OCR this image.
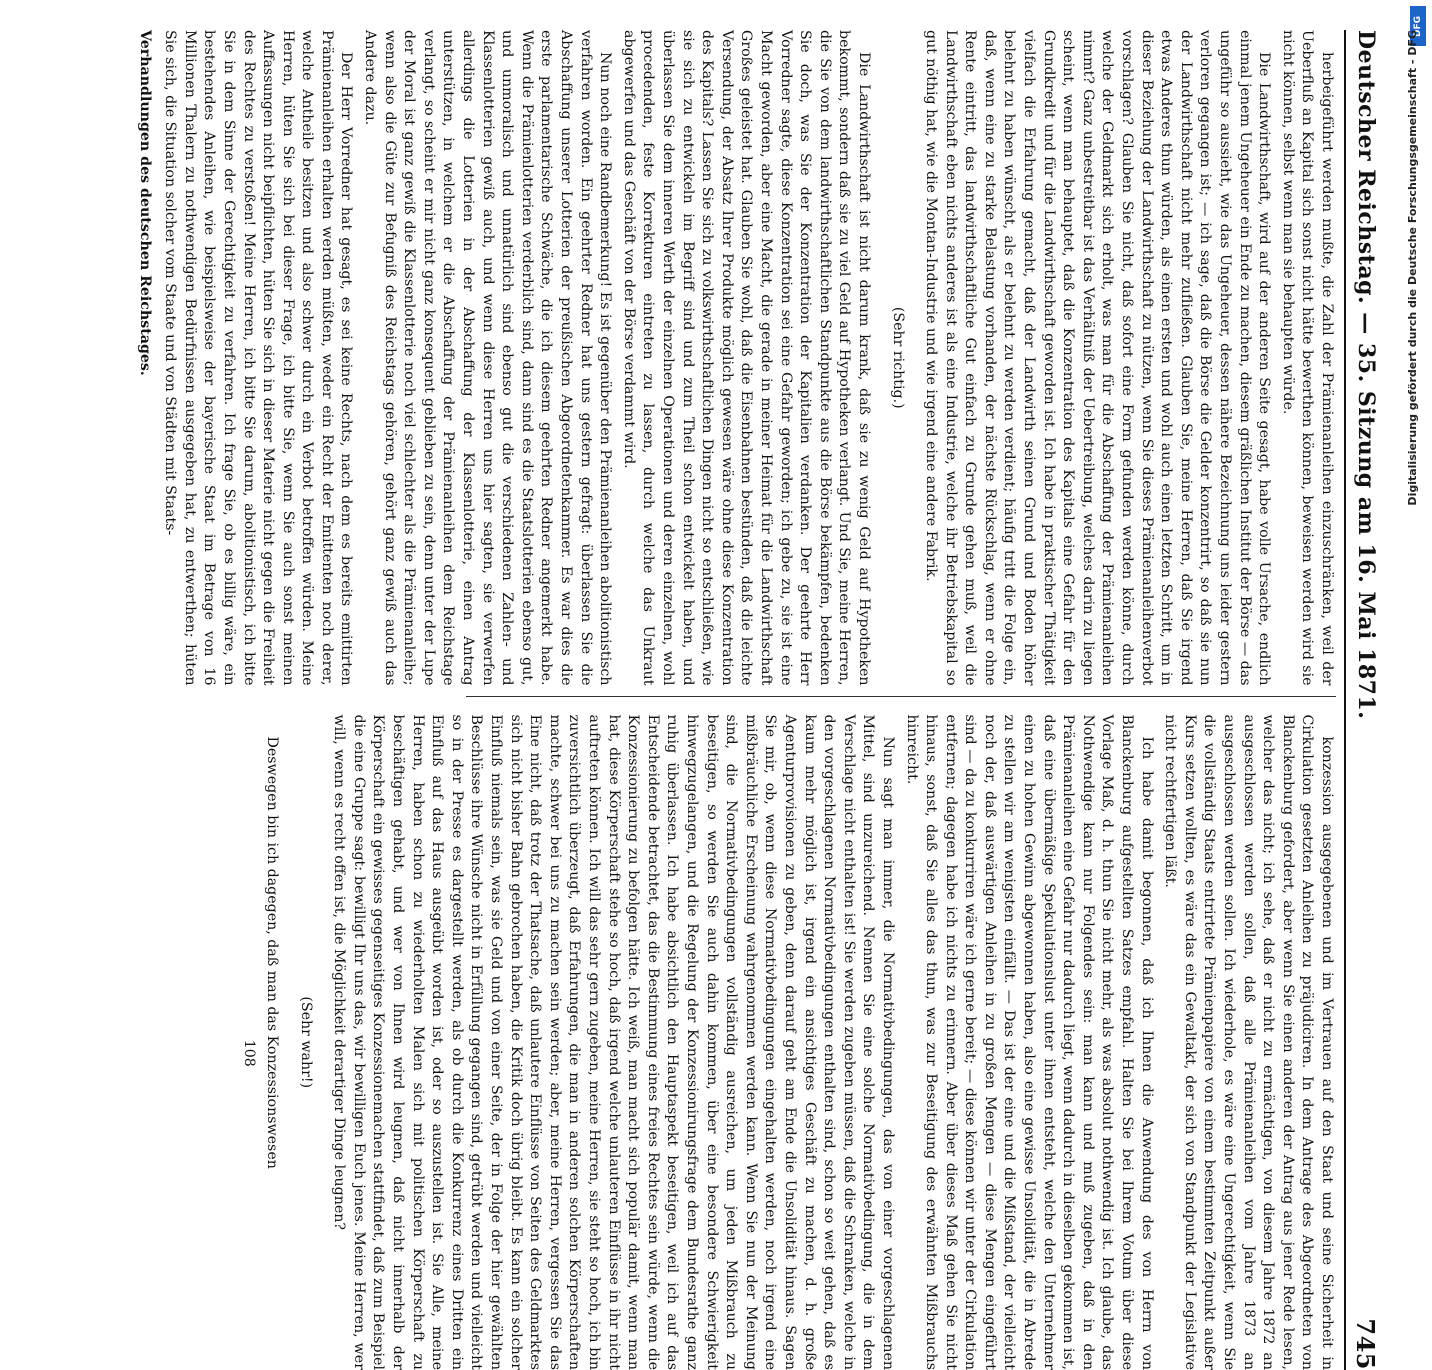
DFG
Digitalisierung gefördert durch die Deutsche Forschungsgemeinschaft - DFG
Deutscher Reichstag. — 35. Sitzung am 16. Mai 1871.
745

herbeigeführt werden mußte, die Zahl der Prämienanleihen einzuschränken, weil der Ueberfluß an Kapital sich sonst nicht hätte bewerthen können, beweisen werden wird sie nicht können, selbst wenn man sie behaupten würde.

Die Landwirthschaft, wird auf der anderen Seite gesagt, habe volle Ursache, endlich einmal jenem Ungeheuer ein Ende zu machen, diesem gräßlichen Institut der Börse — das ungeführ so aussieht, wie das Ungeheuer, dessen nähere Bezeichnung uns leider gestern verloren gegangen ist; — ich sage, daß die Börse die Gelder konzentrirt, so daß sie nun der Landwirthschaft nicht mehr zufließen. Glauben Sie, meine Herren, daß Sie irgend etwas Anderes thun würden, als einen ersten und wohl auch einen letzten Schritt, um in dieser Beziehung der Landwirthschaft zu nützen, wenn Sie dieses Prämienanleihenverbot vorschlagen? Glauben Sie nicht, daß sofort eine Form gefunden werden könne, durch welche der Geldmarkt sich erholt, was man für die Abschaffung der Prämienanleihen nimmt? Ganz unbestreitbar ist das Verhältniß der Uebertreibung, welches darin zu liegen scheint, wenn man behauptet, daß die Konzentration des Kapitals eine Gefahr für den Grundkredit und für die Landwirthschaft geworden ist. Ich habe in praktischer Thätigkeit vielfach die Erfahrung gemacht, daß der Landwirth seinen Grund und Boden höher belehnt zu haben wünscht, als er belehnt zu werden verdient; häufig tritt die Folge ein, daß, wenn eine zu starke Belastung vorhanden, der nächste Rückschlag, wenn er ohne Rente eintritt, das landwirthschaftliche Gut einfach zu Grunde gehen muß, weil die Landwirthschaft eben nichts anderes ist als eine Industrie, welche ihr Betriebskapital so gut nöthig hat, wie die Montan-Industrie und wie irgend eine andere Fabrik.

(Sehr richtig.)

Die Landwirthschaft ist nicht darum krank, daß sie zu wenig Geld auf Hypotheken bekommt, sondern daß sie zu viel Geld auf Hypotheken verlangt. Und Sie, meine Herren, die Sie von dem landwirthschaftlichen Standpunkte aus die Börse bekämpfen, bedenken Sie doch, was Sie der Konzentration der Kapitalien verdanken. Der geehrte Herr Vorredner sagte, diese Konzentration sei eine Gefahr geworden; ich gebe zu, sie ist eine Macht geworden, aber eine Macht, die gerade in meiner Heimat für die Landwirthschaft Großes geleistet hat. Glauben Sie wohl, daß die Eisenbahnen bestünden, daß die leichte Versendung, der Absatz Ihrer Produkte möglich gewesen wäre ohne diese Konzentration des Kapitals? Lassen Sie sich zu volkswirthschaftlichen Dingen nicht so entschließen, wie sie sich zu entwickeln im Begriff sind und zum Theil schon entwickelt haben, und überlassen Sie dem inneren Werth der einzelnen Operationen und deren einzelnen, wohl procedenden, feste Korrekturen eintreten zu lassen, durch welche das Unkraut abgewerfen und das Geschäft von der Börse verdammt wird.

Nun noch eine Randbemerkung! Es ist gegenüber den Prämienanleihen abolitionistisch verfahren worden. Ein geehrter Redner hat uns gestern gefragt: überlassen Sie die Abschaffung unserer Lotterien der preußischen Abgeordnetenkammer. Es war dies die erste parlamentarische Schwäche, die ich diesem geehrten Redner angemerkt habe. Wenn die Prämienlotterien verderblich sind, dann sind es die Staatslotterien ebenso gut, und unmoralisch und unnatürlich sind ebenso gut die verschiedenen Zahlen- und Klassenlotterien gewiß auch, und wenn diese Herren uns hier sagten, sie verwerfen allerdings die Lotterien in der Abschaffung der Klassenlotterie, einen Antrag unterstützen, in welchem er die Abschaffung der Prämienanleihen dem Reichstage verlangt, so scheint er mir nicht ganz konsequent geblieben zu sein, denn unter der Lupe der Moral ist ganz gewiß die Klassenlotterie noch viel schlechter als die Prämienanleihe; wenn also die Güte zur Befugniß des Reichstags gehören, gehört ganz gewiß auch das Andere dazu.

Der Herr Vorredner hat gesagt, es sei keine Rechts, nach dem es bereits emittirten Prämienanleihen erhalten werden müßten, weder ein Recht der Emittenten noch derer, welche Antheile besitzen und also schwer durch ein Verbot betroffen würden. Meine Herren, hüten Sie sich bei dieser Frage, ich bitte Sie, wenn Sie auch sonst meinen Auffassungen nicht beipflichten, hüten Sie sich in dieser Materie nicht gegen die Freiheit des Rechtes zu verstoßen! Meine Herren, ich bitte Sie darum, abolitionistisch, ich bitte Sie in dem Sinne der Gerechtigkeit zu verfahren. Ich frage Sie, ob es billig wäre, ein bestehendes Anleihen, wie beispielsweise der bayerische Staat im Betrage von 16 Millionen Thalern zu nothwendigen Bedürfnissen ausgegeben hat, zu entwerthen; hüten Sie sich, die Situation solcher vom Staate und von Städten mit Staats-

Verhandlungen des deutschen Reichstages.

konzession ausgegebenen und im Vertrauen auf den Staat und seine Sicherheit in Cirkulation gesetzten Anleihen zu präjudiciren. In dem Antrage des Abgeordneten von Blanckenburg gefordert, aber wenn Sie einen anderen der Antrag aus jener Rede lesen, welcher das nicht; ich sehe, daß er nicht zu ermächtigen, von diesem Jahre 1872 an ausgeschlossen werden sollen, daß alle Prämienanleihen vom Jahre 1873 an ausgeschlossen werden sollen. Ich wiederhole, es wäre eine Ungerechtigkeit, wenn Sie die vollständig Staats entrirtete Prämienpapiere von einem bestimmten Zeitpunkt außer Kurs setzen wollten, es wäre das ein Gewaltakt, der sich von Standpunkt der Legislative nicht rechtfertigen läßt.

Ich habe damit begonnen, daß ich Ihnen die Anwendung des von Herrn von Blanckenburg aufgestellten Satzes empfahl. Halten Sie bei Ihrem Votum über diese Vorlage Maß, d. h. thun Sie nicht mehr, als was absolut nothwendig ist. Ich glaube, das Nothwendige kann nur Folgendes sein: man kann und muß zugeben, daß in den Prämienanleihen eine Gefahr nur dadurch liegt, wenn dadurch in dieselben gekommen ist, daß eine übermäßige Spekulationslust unter ihnen entsteht, welche den Unternehmer einen zu hohen Gewinn abgewonnen haben, also eine gewisse Unsolidität, die in Abrede zu stellen wir am wenigsten einfällt. — Das ist der eine und die Mißstand, der vielleicht noch der, daß auswärtigen Anleihen in zu großen Mengen — diese Mengen eingeführt sind — da zu konkurriren wäre ich gerne bereit; — diese können wir unter der Cirkulation entfernen; dagegen habe ich nichts zu erinnern. Aber über dieses Maß gehen Sie nicht hinaus, sonst, daß Sie alles das thun, was zur Beseitigung des erwähnten Mißbrauchs hinreicht.

Nun sagt man immer, die Normativbedingungen, das von einer vorgeschlagenen Mittel, sind unzureichend. Nennen Sie eine solche Normativbedingung, die in dem Verschlage nicht enthalten ist! Sie werden zugeben müssen, daß die Schranken, welche in den vorgeschlagenen Normativbedingungen enthalten sind, schon so weit gehen, daß es kaum mehr möglich ist, irgend ein ansichtiges Geschäft zu machen, d. h. große Agenturprovisionen zu geben, denn darauf geht am Ende die Unsolidität hinaus. Sagen Sie mir, ob, wenn diese Normativbedingungen eingehalten werden, noch irgend eine mißbräuchliche Erscheinung wahrgenommen werden kann. Wenn Sie nun der Meinung sind, die Normativbedingungen vollständig ausreichen, um jeden Mißbrauch zu beseitigen, so werden Sie auch dahin kommen, über eine besondere Schwierigkeit hinwegzugelangen, und die Regelung der Konzessionirungsfrage dem Bundesrathe ganz ruhig überlassen. Ich habe absichtlich den Hauptaspekt beseitigen, weil ich auf das Entscheidende betrachtet, das die Bestimmung eines freies Rechtes sein würde, wenn die Konzessionierung zu befolgen hätte. Ich weiß, man macht sich populär damit, wenn man hat, diese Körperschaft stehe so hoch, daß irgend welche unlauteren Einflüsse in ihr nicht auftreten können. Ich will das sehr gern zugeben, meine Herren, sie steht so hoch, ich bin zuversichtlich überzeugt, daß Erfahrungen, die man in anderen solchen Körperschaften machte, schwer bei uns zu machen sein werden; aber, meine Herren, vergessen Sie das Eine nicht, daß trotz der Thatsache, daß unlautere Einflüsse von Seiten des Geldmarktes sich nicht bisher Bahn gebrochen haben, die Kritik doch übrig bleibt. Es kann ein solcher Einfluß niemals sein, was sie Geld und von einer Seite, der in Folge der hier gewählten Beschlüsse ihre Wünsche nicht in Erfüllung gegangen sind, getrübt werden und vielleicht so in der Presse es dargestellt werden, als ob durch die Konkurrenz eines Dritten ein Einfluß auf das Haus ausgeübt worden ist, oder so auszustellen ist. Sie Alle, meine Herren, haben schon zu wiederholten Malen sich mit politischen Körperschaft zu beschäftigen gehabt, und wer von Ihnen wird leugnen, daß nicht innerhalb der Körperschaft ein gewisses gegenseitiges Konzessionemachen stattfindet, daß zum Beispiel die eine Gruppe sagt: bewilligt Ihr uns das, wir bewilligen Euch jenes. Meine Herren, wer will, wenn es recht offen ist, die Möglichkeit derartiger Dinge leugnen?

(Sehr wahr!)

Deswegen bin ich dagegen, daß man das Konzessionswesen

108
